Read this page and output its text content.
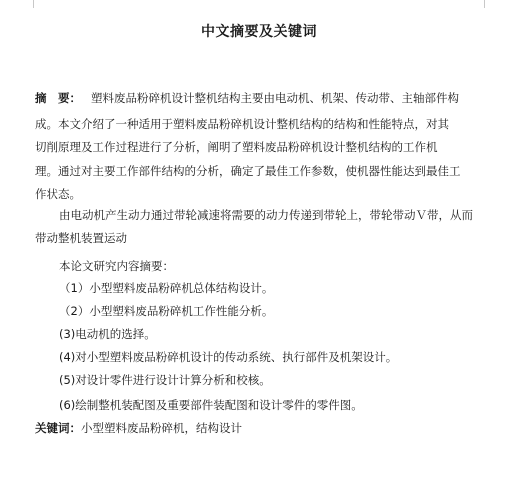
中文摘要及关键词
摘　要： 塑料废品粉碎机设计整机结构主要由电动机、机架、传动带、主轴部件构
成。本文介绍了一种适用于塑料废品粉碎机设计整机结构的结构和性能特点，对其
切削原理及工作过程进行了分析，阐明了塑料废品粉碎机设计整机结构的工作机
理。通过对主要工作部件结构的分析，确定了最佳工作参数，使机器性能达到最佳工
作状态。
由电动机产生动力通过带轮减速将需要的动力传递到带轮上，带轮带动Ｖ带，从而
带动整机装置运动
本论文研究内容摘要：
（1）小型塑料废品粉碎机总体结构设计。
（2）小型塑料废品粉碎机工作性能分析。
(3)电动机的选择。
(4)对小型塑料废品粉碎机设计的传动系统、执行部件及机架设计。
(5)对设计零件进行设计计算分析和校核。
(6)绘制整机装配图及重要部件装配图和设计零件的零件图。
关键词：小型塑料废品粉碎机，结构设计
